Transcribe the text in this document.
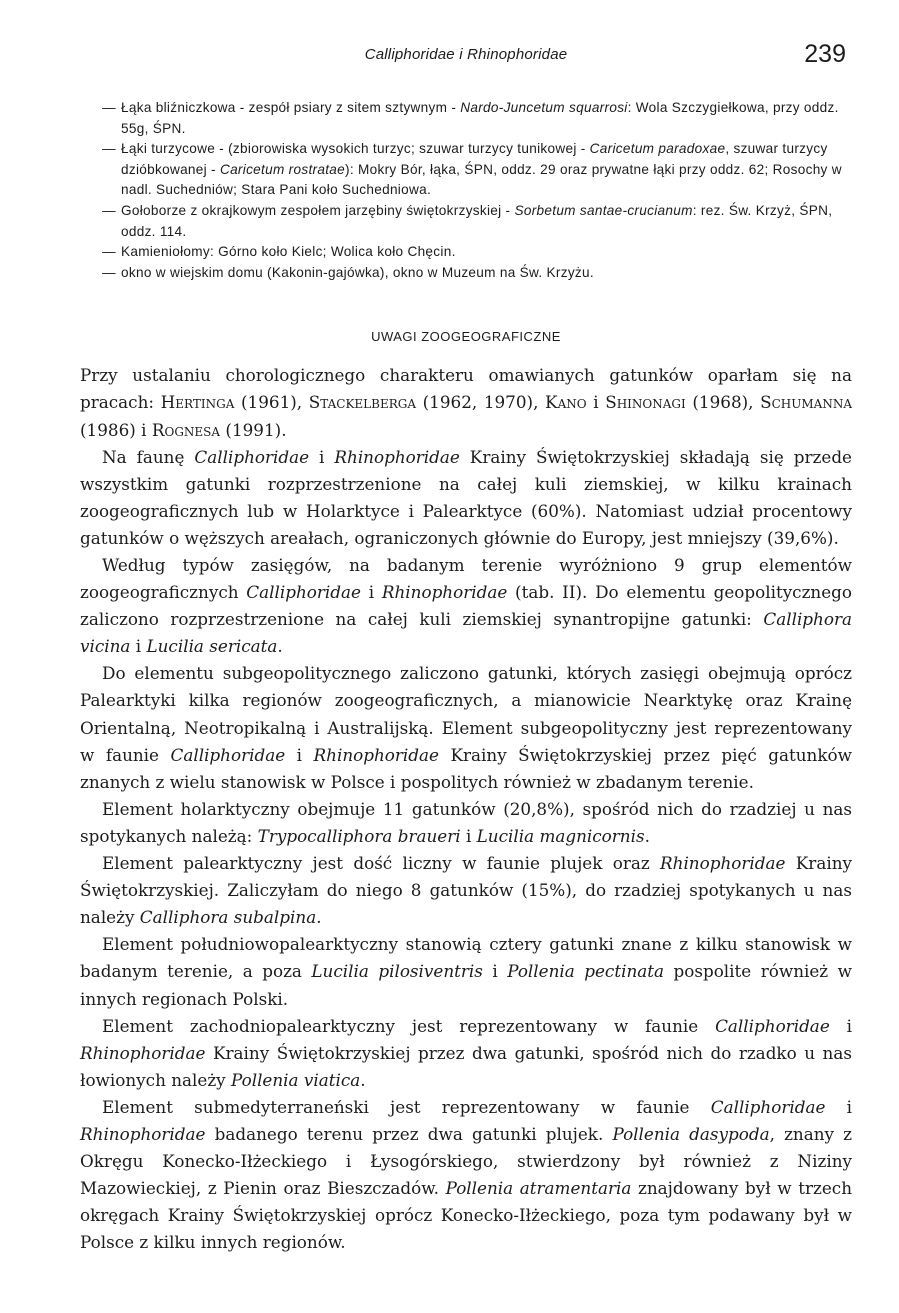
Calliphoridae i Rhinophoridae	239
— Łąka bliźniczkowa - zespół psiary z sitem sztywnym - Nardo-Juncetum squarrosi: Wola Szczygiełkowa, przy oddz. 55g, ŚPN.
— Łąki turzycowe - (zbiorowiska wysokich turzyc; szuwar turzycy tunikowej - Caricetum paradoxae, szuwar turzycy dzióbkowanej - Caricetum rostratae): Mokry Bór, łąka, ŚPN, oddz. 29 oraz prywatne łąki przy oddz. 62; Rosochy w nadl. Suchedniów; Stara Pani koło Suchedniowa.
— Gołoborze z okrajkowym zespołem jarzębiny świętokrzyskiej - Sorbetum santae-crucianum: rez. Św. Krzyż, ŚPN, oddz. 114.
— Kamieniołomy: Górno koło Kielc; Wolica koło Chęcin.
— okno w wiejskim domu (Kakonin-gajówka), okno w Muzeum na Św. Krzyżu.
UWAGI ZOOGEOGRAFICZNE

Przy ustalaniu chorologicznego charakteru omawianych gatunków oparłam się na pracach: Hertinga (1961), Stackelberga (1962, 1970), Kano i Shinonagi (1968), Schumanna (1986) i Rognesa (1991).

Na faunę Calliphoridae i Rhinophoridae Krainy Świętokrzyskiej składają się przede wszystkim gatunki rozprzestrzenione na całej kuli ziemskiej, w kilku krainach zoogeograficznych lub w Holarktyce i Palearktyce (60%). Natomiast udział procentowy gatunków o węższych areałach, ograniczonych głównie do Europy, jest mniejszy (39,6%).

Według typów zasięgów, na badanym terenie wyróżniono 9 grup elementów zoogeograficznych Calliphoridae i Rhinophoridae (tab. II). Do elementu geopolitycznego zaliczono rozprzestrzenione na całej kuli ziemskiej synantropijne gatunki: Calliphora vicina i Lucilia sericata.

Do elementu subgeopolitycznego zaliczono gatunki, których zasięgi obejmują oprócz Palearktyki kilka regionów zoogeograficznych, a mianowicie Nearktykę oraz Krainę Orientalną, Neotropikalną i Australijską. Element subgeopolityczny jest reprezentowany w faunie Calliphoridae i Rhinophoridae Krainy Świętokrzyskiej przez pięć gatunków znanych z wielu stanowisk w Polsce i pospolitych również w zbadanym terenie.

Element holarktyczny obejmuje 11 gatunków (20,8%), spośród nich do rzadziej u nas spotykanych należą: Trypocalliphora braueri i Lucilia magnicornis.

Element palearktyczny jest dość liczny w faunie plujek oraz Rhinophoridae Krainy Świętokrzyskiej. Zaliczyłam do niego 8 gatunków (15%), do rzadziej spotykanych u nas należy Calliphora subalpina.

Element południowopalearktyczny stanowią cztery gatunki znane z kilku stanowisk w badanym terenie, a poza Lucilia pilosiventris i Pollenia pectinata pospolite również w innych regionach Polski.

Element zachodniopalearktyczny jest reprezentowany w faunie Calliphoridae i Rhinophoridae Krainy Świętokrzyskiej przez dwa gatunki, spośród nich do rzadko u nas łowionych należy Pollenia viatica.

Element submedyterraneński jest reprezentowany w faunie Calliphoridae i Rhinophoridae badanego terenu przez dwa gatunki plujek. Pollenia dasypoda, znany z Okręgu Konecko-Iłżeckiego i Łysogórskiego, stwierdzony był również z Niziny Mazowieckiej, z Pienin oraz Bieszczadów. Pollenia atramentaria znajdowany był w trzech okręgach Krainy Świętokrzyskiej oprócz Konecko-Iłżeckiego, poza tym podawany był w Polsce z kilku innych regionów.
